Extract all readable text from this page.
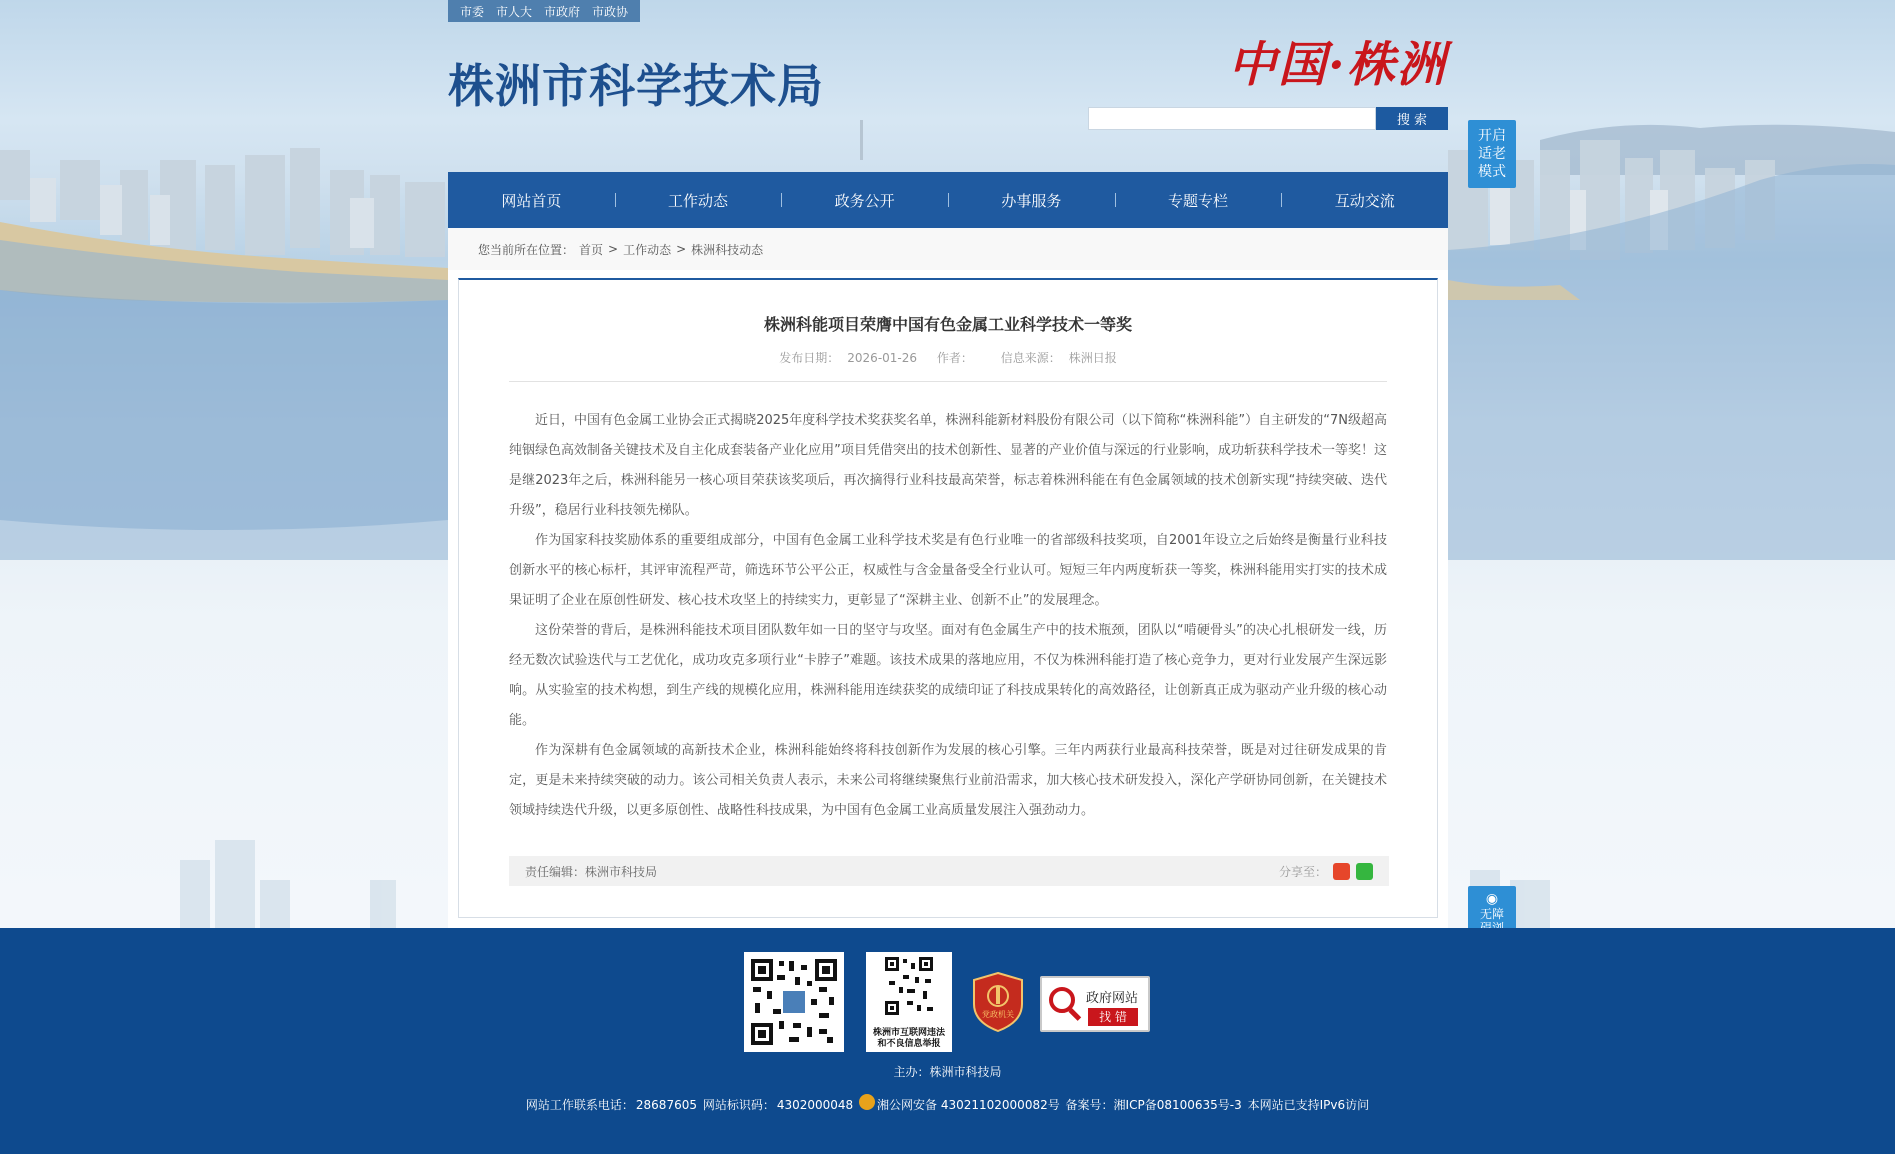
市委 市人大 市政府 市政协
株洲市科学技术局	中国·株洲
搜 索
开启适老模式
网站首页	工作动态	政务公开	办事服务	专题专栏	互动交流
您当前所在位置： 首页 > 工作动态 > 株洲科技动态
株洲科能项目荣膺中国有色金属工业科学技术一等奖
发布日期： 2026-01-26 作者： 信息来源： 株洲日报

近日，中国有色金属工业协会正式揭晓2025年度科学技术奖获奖名单，株洲科能新材料股份有限公司（以下简称“株洲科能”）自主研发的“7N级超高纯铟绿色高效制备关键技术及自主化成套装备产业化应用”项目凭借突出的技术创新性、显著的产业价值与深远的行业影响，成功斩获科学技术一等奖！这是继2023年之后，株洲科能另一核心项目荣获该奖项后，再次摘得行业科技最高荣誉，标志着株洲科能在有色金属领域的技术创新实现“持续突破、迭代升级”，稳居行业科技领先梯队。

作为国家科技奖励体系的重要组成部分，中国有色金属工业科学技术奖是有色行业唯一的省部级科技奖项，自2001年设立之后始终是衡量行业科技创新水平的核心标杆，其评审流程严苛，筛选环节公平公正，权威性与含金量备受全行业认可。短短三年内两度斩获一等奖，株洲科能用实打实的技术成果证明了企业在原创性研发、核心技术攻坚上的持续实力，更彰显了“深耕主业、创新不止”的发展理念。

这份荣誉的背后，是株洲科能技术项目团队数年如一日的坚守与攻坚。面对有色金属生产中的技术瓶颈，团队以“啃硬骨头”的决心扎根研发一线，历经无数次试验迭代与工艺优化，成功攻克多项行业“卡脖子”难题。该技术成果的落地应用，不仅为株洲科能打造了核心竞争力，更对行业发展产生深远影响。从实验室的技术构想，到生产线的规模化应用，株洲科能用连续获奖的成绩印证了科技成果转化的高效路径，让创新真正成为驱动产业升级的核心动能。

作为深耕有色金属领域的高新技术企业，株洲科能始终将科技创新作为发展的核心引擎。三年内两获行业最高科技荣誉，既是对过往研发成果的肯定，更是未来持续突破的动力。该公司相关负责人表示，未来公司将继续聚焦行业前沿需求，加大核心技术研发投入，深化产学研协同创新，在关键技术领域持续迭代升级，以更多原创性、战略性科技成果，为中国有色金属工业高质量发展注入强劲动力。

责任编辑：株洲市科技局	分享至：
◉
无障
株洲市互联网违法
和不良信息举报
党政机关
政府网站
找 错
主办：株洲市科技局
网站工作联系电话： 28687605 网站标识码： 4302000048 湘公网安备 43021102000082号 备案号：湘ICP备08100635号-3 本网站已支持IPv6访问
